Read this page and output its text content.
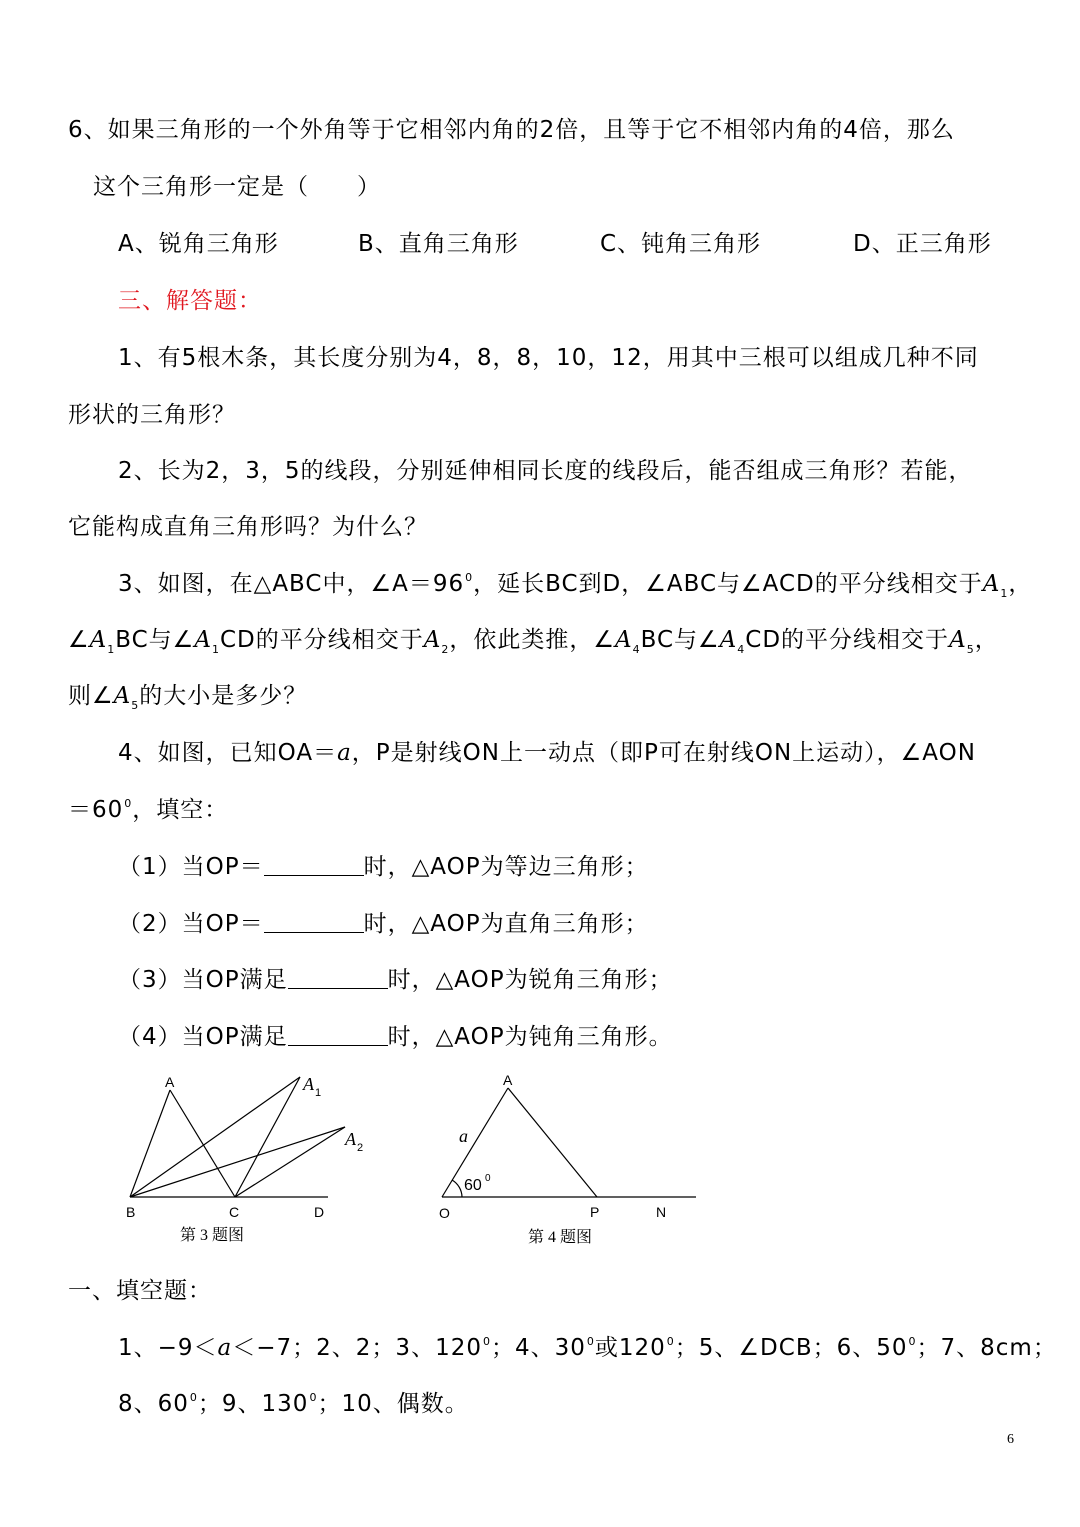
6、如果三角形的一个外角等于它相邻内角的2倍，且等于它不相邻内角的4倍，那么
这个三角形一定是（　　）
A、锐角三角形	B、直角三角形	C、钝角三角形	D、正三角形
三、解答题：
1、有5根木条，其长度分别为4，8，8，10，12，用其中三根可以组成几种不同
形状的三角形？
2、长为2，3，5的线段，分别延伸相同长度的线段后，能否组成三角形？若能，
它能构成直角三角形吗？为什么？
3、如图，在△ABC中，$\angle A=96^0$，延长BC到D，∠ABC与∠ACD的平分线相交于$A_1$，
$\angle A_1BC$与$\angle A_1CD$的平分线相交于$A_2$，依此类推，$\angle A_4BC$与$\angle A_4CD$的平分线相交于$A_5$，
则$\angle A_5$的大小是多少？
4、如图，已知OA＝a，P是射线ON上一动点（即P可在射线ON上运动），∠AON
$=60^0$，填空：
（1）当OP＝	时，△AOP为等边三角形；
（2）当OP＝	时，△AOP为直角三角形；
（3）当OP满足	时，△AOP为锐角三角形；
（4）当OP满足	时，△AOP为钝角三角形。
A
B	C	D
A 1
A 2
第 3 题图
A
O	P	N
a
60 0
第 4 题图
一、填空题：
1、−9＜a＜−7；2、2；3、$120^0$；4、$30^0$或$120^0$；5、∠DCB；6、$50^0$；7、8cm；
8、$60^0$；9、$130^0$；10、偶数。
6
